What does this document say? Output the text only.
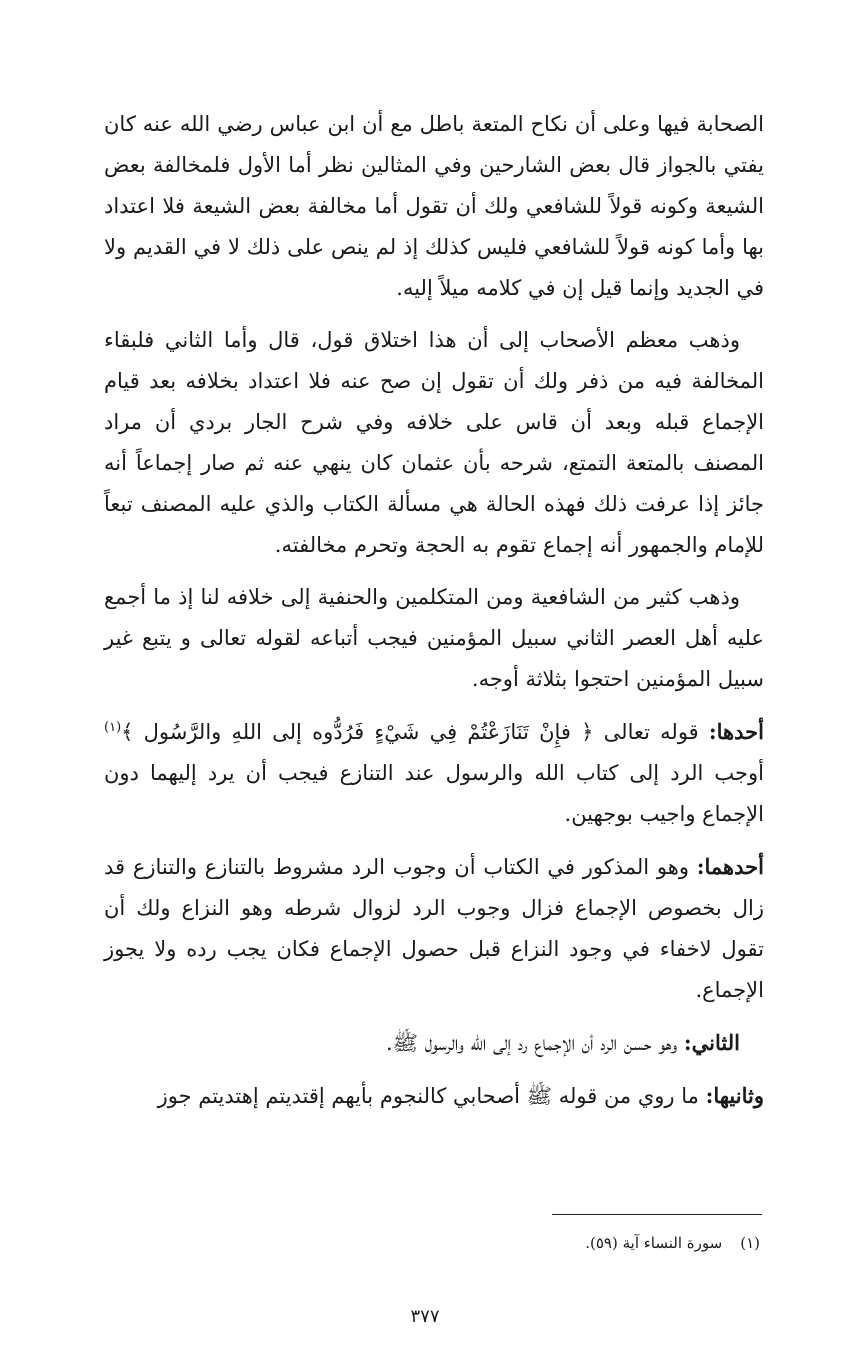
الصحابة فيها وعلى أن نكاح المتعة باطل مع أن ابن عباس رضي الله عنه كان يفتي بالجواز قال بعض الشارحين وفي المثالين نظر أما الأول فلمخالفة بعض الشيعة وكونه قولاً للشافعي ولك أن تقول أما مخالفة بعض الشيعة فلا اعتداد بها وأما كونه قولاً للشافعي فليس كذلك إذ لم ينص على ذلك لا في القديم ولا في الجديد وإنما قيل إن في كلامه ميلاً إليه.

وذهب معظم الأصحاب إلى أن هذا اختلاق قول، قال وأما الثاني فلبقاء المخالفة فيه من ذفر ولك أن تقول إن صح عنه فلا اعتداد بخلافه بعد قيام الإجماع قبله وبعد أن قاس على خلافه وفي شرح الجار بردي أن مراد المصنف بالمتعة التمتع، شرحه بأن عثمان كان ينهي عنه ثم صار إجماعاً أنه جائز إذا عرفت ذلك فهذه الحالة هي مسألة الكتاب والذي عليه المصنف تبعاً للإمام والجمهور أنه إجماع تقوم به الحجة وتحرم مخالفته.

وذهب كثير من الشافعية ومن المتكلمين والحنفية إلى خلافه لنا إذ ما أجمع عليه أهل العصر الثاني سبيل المؤمنين فيجب أتباعه لقوله تعالى و يتبع غير سبيل المؤمنين احتجوا بثلاثة أوجه.

أحدها: قوله تعالى ﴿ فإِنْ تَنَازَعْتُمْ فِي شَيْءٍ فَرُدُّوه إلى اللهِ والرَّسُول ﴾$^{(١)}$ أوجب الرد إلى كتاب الله والرسول عند التنازع فيجب أن يرد إليهما دون الإجماع واجيب بوجهين.

أحدهما: وهو المذكور في الكتاب أن وجوب الرد مشروط بالتنازع والتنازع قد زال بخصوص الإجماع فزال وجوب الرد لزوال شرطه وهو النزاع ولك أن تقول لاخفاء في وجود النزاع قبل حصول الإجماع فكان يجب رده ولا يجوز الإجماع.

الثاني: وهو حسن الرد أن الإجماع رد إلى الله والرسول ﷺ.

وثانيها: ما روي من قوله ﷺ أصحابي كالنجوم بأيهم إقتديتم إهتديتم جوز

(١)سورة النساء آية (٥٩).
٣٧٧
